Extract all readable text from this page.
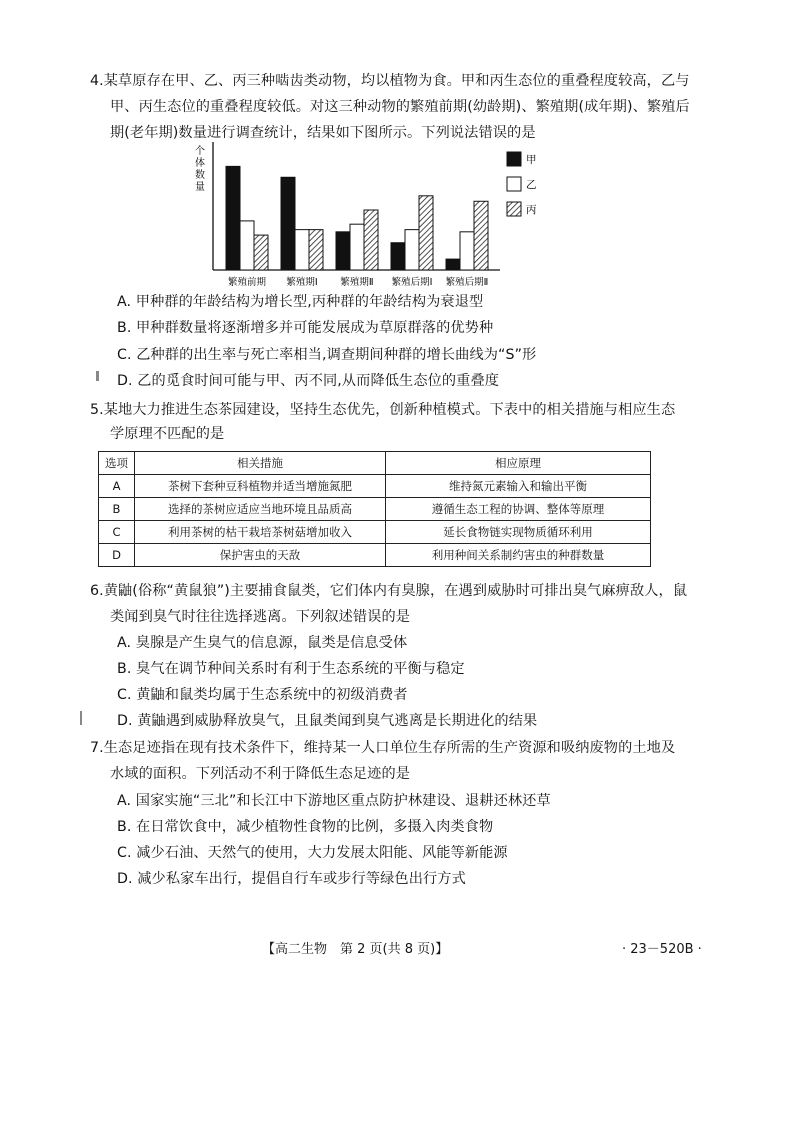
4.某草原存在甲、乙、丙三种啮齿类动物，均以植物为食。甲和丙生态位的重叠程度较高，乙与
甲、丙生态位的重叠程度较低。对这三种动物的繁殖前期(幼龄期)、繁殖期(成年期)、繁殖后
期(老年期)数量进行调查统计，结果如下图所示。下列说法错误的是
个
体
数
量
繁殖前期 繁殖期Ⅰ 繁殖期Ⅱ 繁殖后期Ⅰ 繁殖后期Ⅱ
甲
乙
丙
A. 甲种群的年龄结构为增长型,丙种群的年龄结构为衰退型
B. 甲种群数量将逐渐增多并可能发展成为草原群落的优势种
C. 乙种群的出生率与死亡率相当,调查期间种群的增长曲线为“S”形
D. 乙的觅食时间可能与甲、丙不同,从而降低生态位的重叠度
5.某地大力推进生态茶园建设，坚持生态优先，创新种植模式。下表中的相关措施与相应生态
学原理不匹配的是
选项	相关措施	相应原理
A	茶树下套种豆科植物并适当增施氮肥	维持氮元素输入和输出平衡
B	选择的茶树应适应当地环境且品质高	遵循生态工程的协调、整体等原理
C	利用茶树的枯干栽培茶树菇增加收入	延长食物链实现物质循环利用
D	保护害虫的天敌	利用种间关系制约害虫的种群数量
6.黄鼬(俗称“黄鼠狼”)主要捕食鼠类，它们体内有臭腺，在遇到威胁时可排出臭气麻痹敌人，鼠
类闻到臭气时往往选择逃离。下列叙述错误的是
A. 臭腺是产生臭气的信息源，鼠类是信息受体
B. 臭气在调节种间关系时有利于生态系统的平衡与稳定
C. 黄鼬和鼠类均属于生态系统中的初级消费者
D. 黄鼬遇到威胁释放臭气，且鼠类闻到臭气逃离是长期进化的结果
7.生态足迹指在现有技术条件下，维持某一人口单位生存所需的生产资源和吸纳废物的土地及
水域的面积。下列活动不利于降低生态足迹的是
A. 国家实施“三北”和长江中下游地区重点防护林建设、退耕还林还草
B. 在日常饮食中，减少植物性食物的比例，多摄入肉类食物
C. 减少石油、天然气的使用，大力发展太阳能、风能等新能源
D. 减少私家车出行，提倡自行车或步行等绿色出行方式
【高二生物　第 2 页(共 8 页)】	· 23－520B ·
